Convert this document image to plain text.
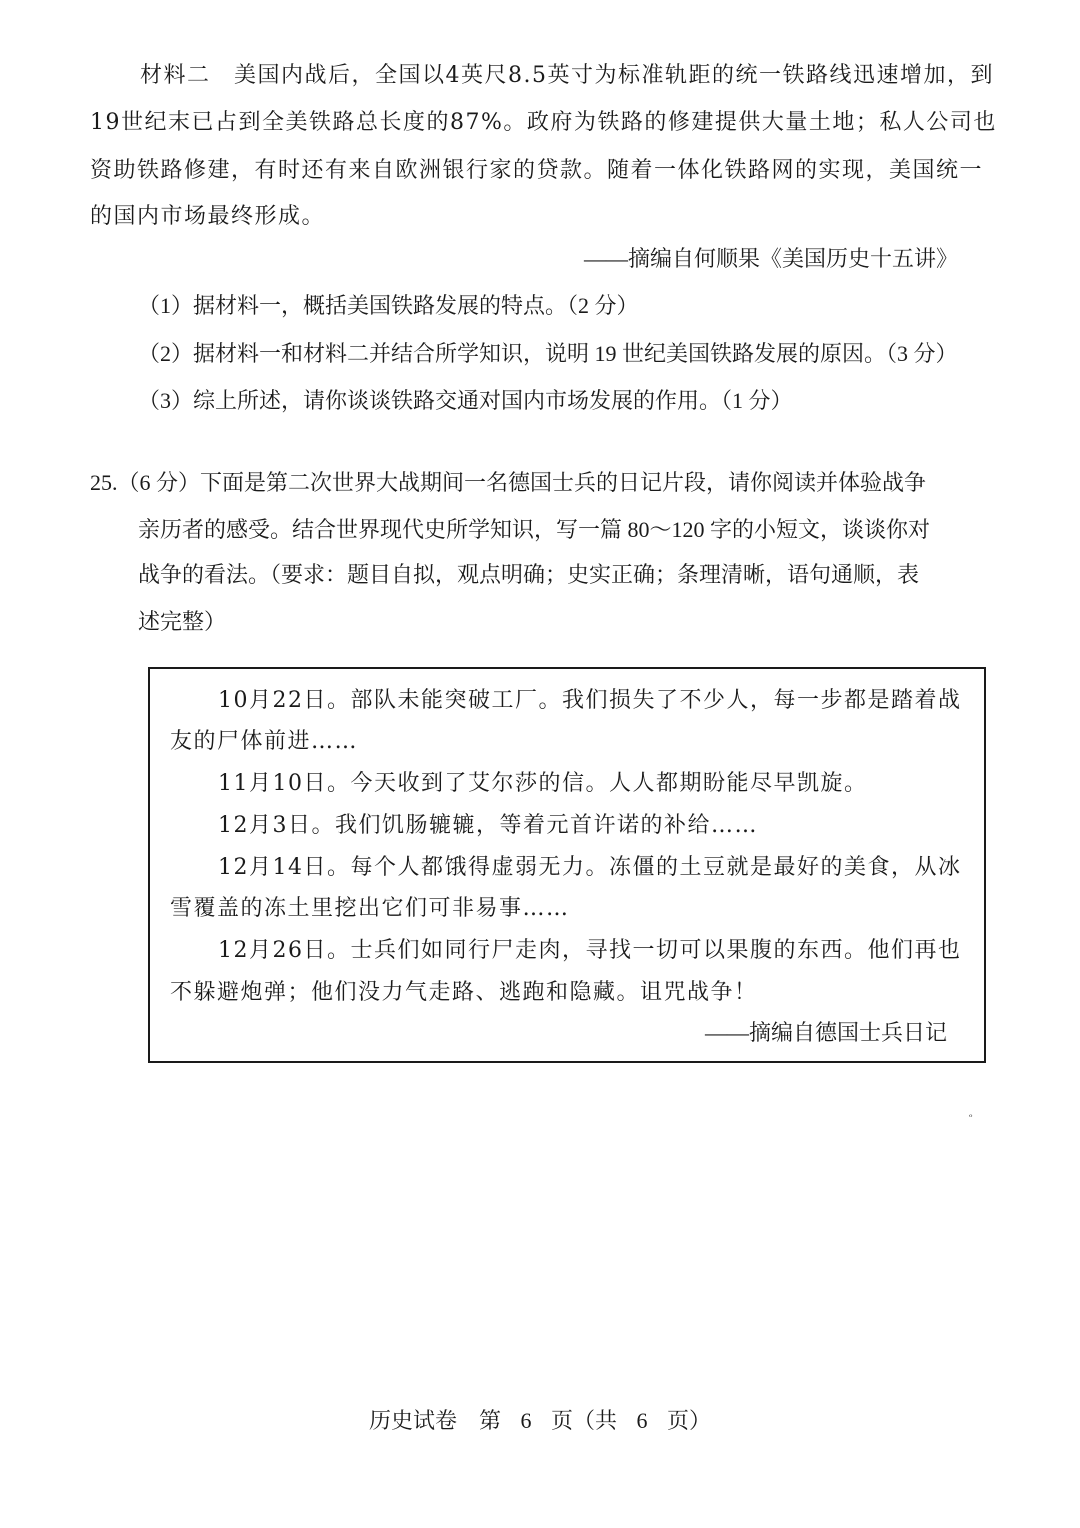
材料二　美国内战后，全国以4英尺8.5英寸为标准轨距的统一铁路线迅速增加，到
19世纪末已占到全美铁路总长度的87%。政府为铁路的修建提供大量土地；私人公司也
资助铁路修建，有时还有来自欧洲银行家的贷款。随着一体化铁路网的实现，美国统一
的国内市场最终形成。
——摘编自何顺果《美国历史十五讲》
（1）据材料一，概括美国铁路发展的特点。（2 分）
（2）据材料一和材料二并结合所学知识，说明 19 世纪美国铁路发展的原因。（3 分）
（3）综上所述，请你谈谈铁路交通对国内市场发展的作用。（1 分）
25.（6 分）下面是第二次世界大战期间一名德国士兵的日记片段，请你阅读并体验战争
亲历者的感受。结合世界现代史所学知识，写一篇 80～120 字的小短文，谈谈你对
战争的看法。（要求：题目自拟，观点明确；史实正确；条理清晰，语句通顺，表
述完整）
10月22日。部队未能突破工厂。我们损失了不少人，每一步都是踏着战
友的尸体前进……
11月10日。今天收到了艾尔莎的信。人人都期盼能尽早凯旋。
12月3日。我们饥肠辘辘，等着元首许诺的补给……
12月14日。每个人都饿得虚弱无力。冻僵的土豆就是最好的美食，从冰
雪覆盖的冻土里挖出它们可非易事……
12月26日。士兵们如同行尸走肉，寻找一切可以果腹的东西。他们再也
不躲避炮弹；他们没力气走路、逃跑和隐藏。诅咒战争！
——摘编自德国士兵日记
ₒ
历史试卷　第 6 页（共 6 页）
